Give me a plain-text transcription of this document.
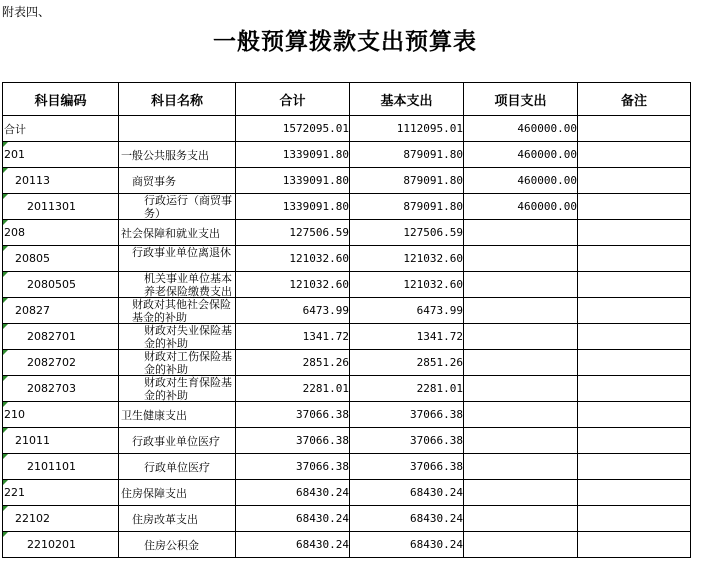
附表四、
一般预算拨款支出预算表
科目编码	科目名称	合计	基本支出	项目支出	备注
合计		1572095.01	1112095.01	460000.00	

201	一般公共服务支出	1339091.80	879091.80	460000.00	

20113	商贸事务	1339091.80	879091.80	460000.00	

2011301	行政运行（商贸事务）	1339091.80	879091.80	460000.00	

208	社会保障和就业支出	127506.59	127506.59		

20805	行政事业单位离退休	121032.60	121032.60		

2080505	机关事业单位基本养老保险缴费支出	121032.60	121032.60		

20827	财政对其他社会保险基金的补助	6473.99	6473.99		

2082701	财政对失业保险基金的补助	1341.72	1341.72		

2082702	财政对工伤保险基金的补助	2851.26	2851.26		

2082703	财政对生育保险基金的补助	2281.01	2281.01		

210	卫生健康支出	37066.38	37066.38		

21011	行政事业单位医疗	37066.38	37066.38		

2101101	行政单位医疗	37066.38	37066.38		

221	住房保障支出	68430.24	68430.24		

22102	住房改革支出	68430.24	68430.24		

2210201	住房公积金	68430.24	68430.24		
